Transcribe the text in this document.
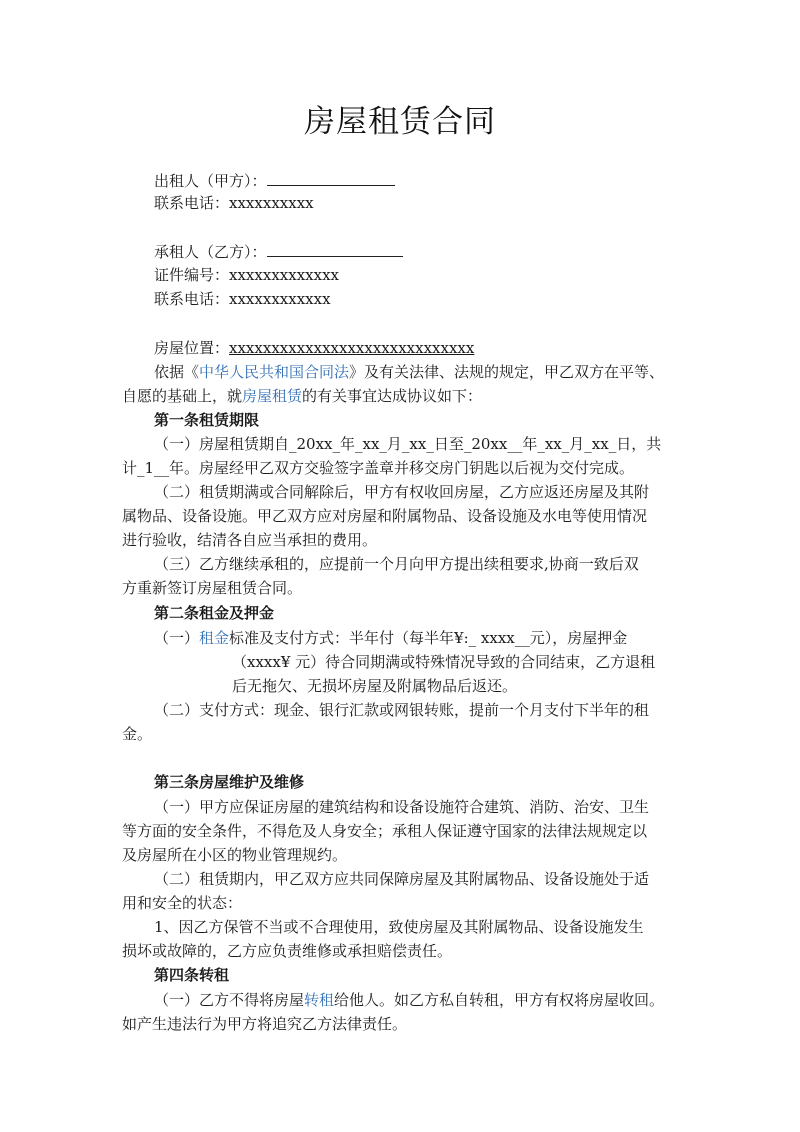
房屋租赁合同
出租人（甲方）：
联系电话：xxxxxxxxxx
承租人（乙方）：
证件编号：xxxxxxxxxxxxx
联系电话：xxxxxxxxxxxx
房屋位置：xxxxxxxxxxxxxxxxxxxxxxxxxxxxx
依据《中华人民共和国合同法》及有关法律、法规的规定，甲乙双方在平等、
自愿的基础上，就房屋租赁的有关事宜达成协议如下：
第一条租赁期限
（一）房屋租赁期自_20xx_年_xx_月_xx_日至_20xx__年_xx_月_xx_日，共
计_1__年。房屋经甲乙双方交验签字盖章并移交房门钥匙以后视为交付完成。
（二）租赁期满或合同解除后，甲方有权收回房屋，乙方应返还房屋及其附
属物品、设备设施。甲乙双方应对房屋和附属物品、设备设施及水电等使用情况
进行验收，结清各自应当承担的费用。
（三）乙方继续承租的，应提前一个月向甲方提出续租要求,协商一致后双
方重新签订房屋租赁合同。
第二条租金及押金
（一）租金标准及支付方式：半年付（每半年¥:_ xxxx__元），房屋押金
（xxxx¥ 元）待合同期满或特殊情况导致的合同结束，乙方退租
后无拖欠、无损坏房屋及附属物品后返还。
（二）支付方式：现金、银行汇款或网银转账，提前一个月支付下半年的租
金。
第三条房屋维护及维修
（一）甲方应保证房屋的建筑结构和设备设施符合建筑、消防、治安、卫生
等方面的安全条件，不得危及人身安全；承租人保证遵守国家的法律法规规定以
及房屋所在小区的物业管理规约。
（二）租赁期内，甲乙双方应共同保障房屋及其附属物品、设备设施处于适
用和安全的状态：
1、因乙方保管不当或不合理使用，致使房屋及其附属物品、设备设施发生
损坏或故障的，乙方应负责维修或承担赔偿责任。
第四条转租
（一）乙方不得将房屋转租给他人。如乙方私自转租，甲方有权将房屋收回。
如产生违法行为甲方将追究乙方法律责任。
